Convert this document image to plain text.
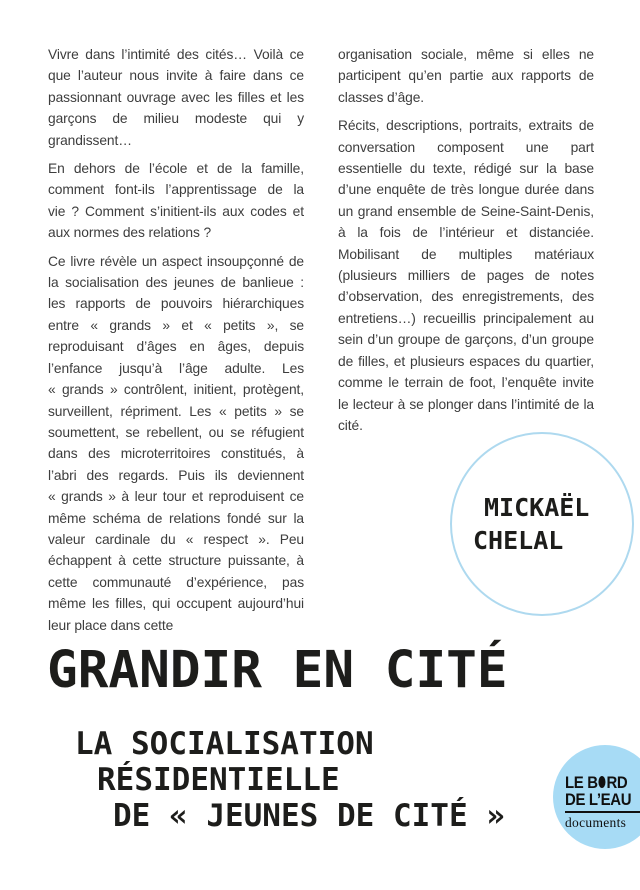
Vivre dans l’intimité des cités… Voilà ce que l’auteur nous invite à faire dans ce passionnant ouvrage avec les filles et les garçons de milieu modeste qui y grandissent…

En dehors de l’école et de la famille, comment font-ils l’apprentissage de la vie ? Comment s’initient-ils aux codes et aux normes des relations ?

Ce livre révèle un aspect insoupçonné de la socialisation des jeunes de banlieue : les rapports de pouvoirs hiérarchiques entre « grands » et « petits », se reproduisant d’âges en âges, depuis l’enfance jusqu’à l’âge adulte. Les « grands » contrôlent, initient, protègent, surveillent, répriment. Les « petits » se soumettent, se rebellent, ou se réfugient dans des microterritoires constitués, à l’abri des regards. Puis ils deviennent « grands » à leur tour et reproduisent ce même schéma de relations fondé sur la valeur cardinale du « respect ». Peu échappent à cette structure puissante, à cette communauté d’expérience, pas même les filles, qui occupent aujourd’hui leur place dans cette

organisation sociale, même si elles ne participent qu’en partie aux rapports de classes d’âge.

Récits, descriptions, portraits, extraits de conversation composent une part essentielle du texte, rédigé sur la base d’une enquête de très longue durée dans un grand ensemble de Seine-Saint-Denis, à la fois de l’intérieur et distanciée. Mobilisant de multiples matériaux (plusieurs milliers de pages de notes d’observation, des enregistrements, des entretiens…) recueillis principalement au sein d’un groupe de garçons, d’un groupe de filles, et plusieurs espaces du quartier, comme le terrain de foot, l’enquête invite le lecteur à se plonger dans l’intimité de la cité.

MICKAËL
CHELAL
GRANDIR EN CITÉ
LA SOCIALISATION
RÉSIDENTIELLE
DE « JEUNES DE CITÉ »
LE B RD
DE L’EAU
documents
